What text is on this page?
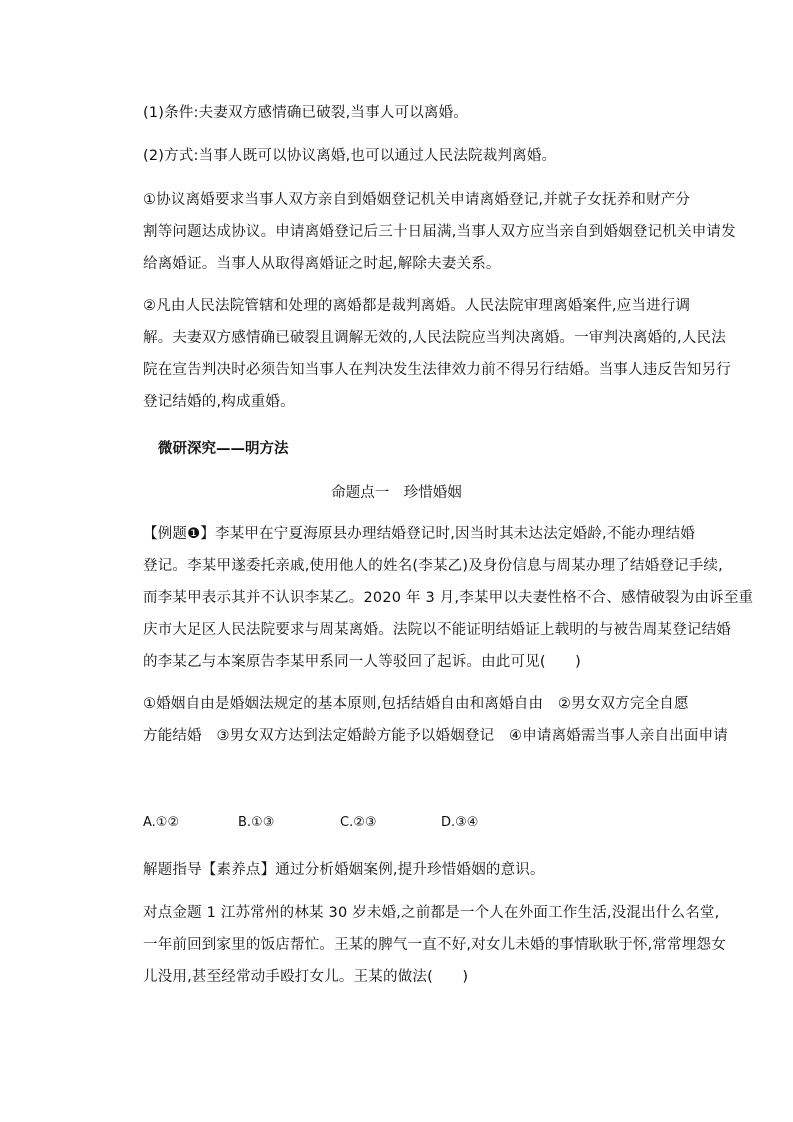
(1)条件:夫妻双方感情确已破裂,当事人可以离婚。
(2)方式:当事人既可以协议离婚,也可以通过人民法院裁判离婚。
①协议离婚要求当事人双方亲自到婚姻登记机关申请离婚登记,并就子女抚养和财产分
割等问题达成协议。申请离婚登记后三十日届满,当事人双方应当亲自到婚姻登记机关申请发
给离婚证。当事人从取得离婚证之时起,解除夫妻关系。
②凡由人民法院管辖和处理的离婚都是裁判离婚。人民法院审理离婚案件,应当进行调
解。夫妻双方感情确已破裂且调解无效的,人民法院应当判决离婚。一审判决离婚的,人民法
院在宣告判决时必须告知当事人在判决发生法律效力前不得另行结婚。当事人违反告知另行
登记结婚的,构成重婚。
微研深究——明方法
命题点一　珍惜婚姻
【例题❶】李某甲在宁夏海原县办理结婚登记时,因当时其未达法定婚龄,不能办理结婚
登记。李某甲遂委托亲戚,使用他人的姓名(李某乙)及身份信息与周某办理了结婚登记手续,
而李某甲表示其并不认识李某乙。2020 年 3 月,李某甲以夫妻性格不合、感情破裂为由诉至重
庆市大足区人民法院要求与周某离婚。法院以不能证明结婚证上载明的与被告周某登记结婚
的李某乙与本案原告李某甲系同一人等驳回了起诉。由此可见(　　)
①婚姻自由是婚姻法规定的基本原则,包括结婚自由和离婚自由　②男女双方完全自愿
方能结婚　③男女双方达到法定婚龄方能予以婚姻登记　④申请离婚需当事人亲自出面申请
A.①②	B.①③	C.②③	D.③④
解题指导【素养点】通过分析婚姻案例,提升珍惜婚姻的意识。
对点金题 1 江苏常州的林某 30 岁未婚,之前都是一个人在外面工作生活,没混出什么名堂,
一年前回到家里的饭店帮忙。王某的脾气一直不好,对女儿未婚的事情耿耿于怀,常常埋怨女
儿没用,甚至经常动手殴打女儿。王某的做法(　　)
